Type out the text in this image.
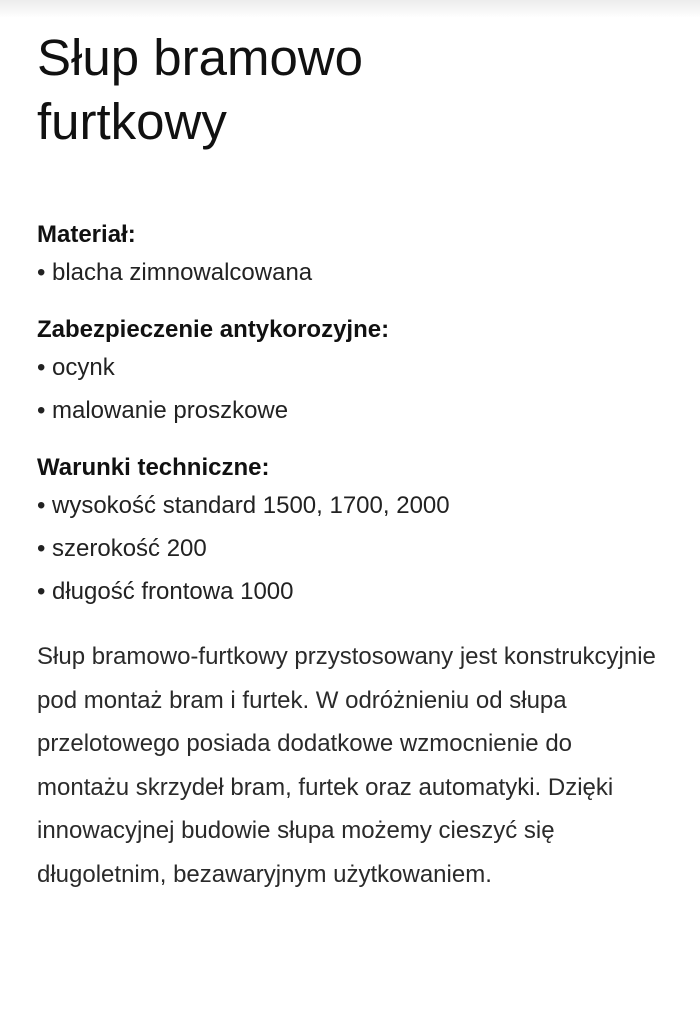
Słup bramowo
furtkowy
Materiał:
• blacha zimnowalcowana
Zabezpieczenie antykorozyjne:
• ocynk
• malowanie proszkowe
Warunki techniczne:
• wysokość standard 1500, 1700, 2000
• szerokość 200
• długość frontowa 1000

Słup bramowo-furtkowy przystosowany jest konstrukcyjnie pod montaż bram i furtek. W odróżnieniu od słupa przelotowego posiada dodatkowe wzmocnienie do montażu skrzydeł bram, furtek oraz automatyki. Dzięki innowacyjnej budowie słupa możemy cieszyć się długoletnim, bezawaryjnym użytkowaniem.
